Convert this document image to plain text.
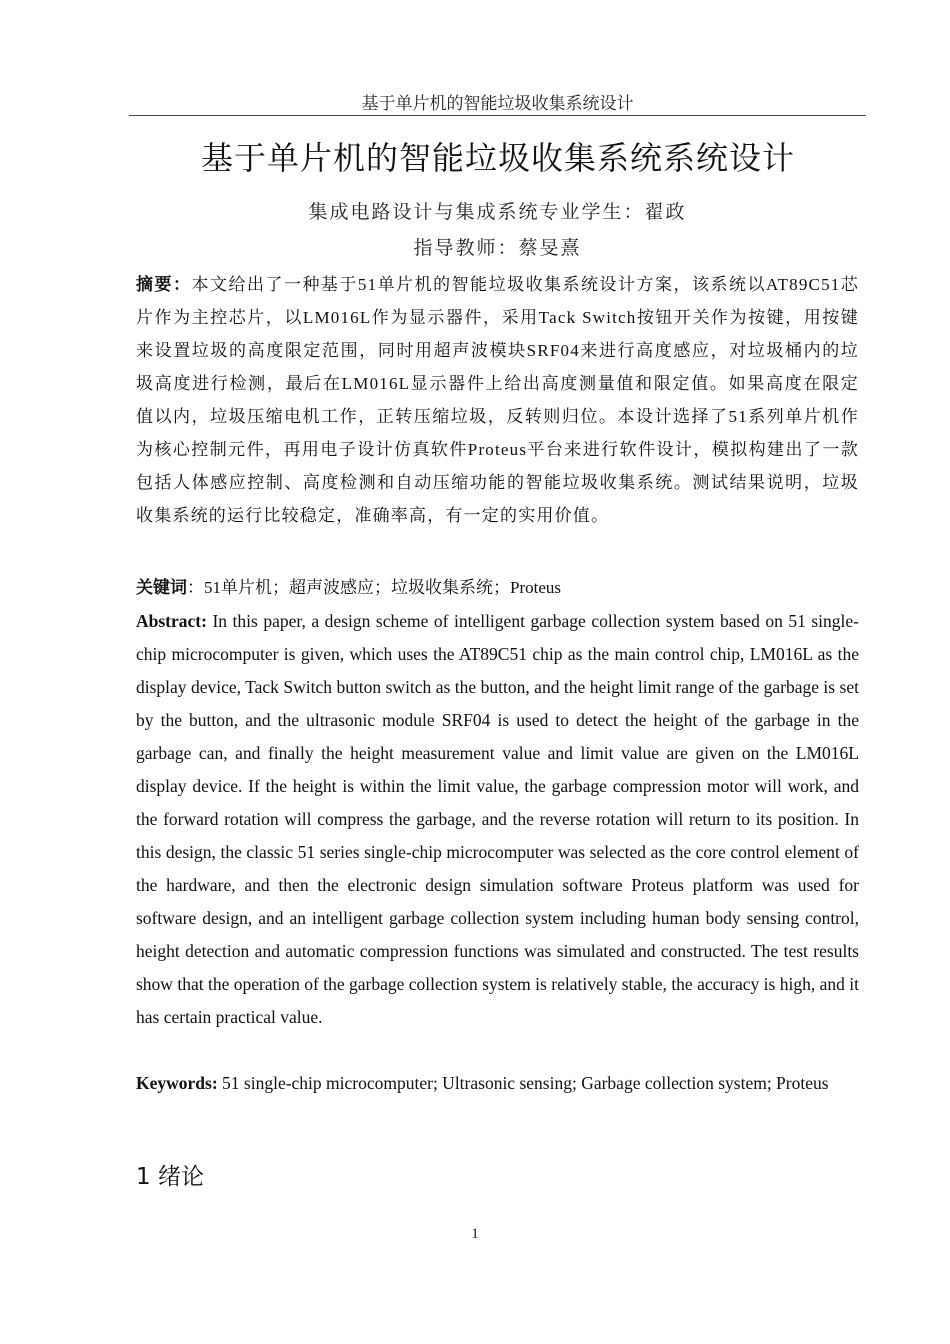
基于单片机的智能垃圾收集系统设计
基于单片机的智能垃圾收集系统系统设计
集成电路设计与集成系统专业学生：翟政
指导教师：蔡旻熹
摘要：本文给出了一种基于51单片机的智能垃圾收集系统设计方案，该系统以AT89C51芯片作为主控芯片，以LM016L作为显示器件，采用Tack Switch按钮开关作为按键，用按键来设置垃圾的高度限定范围，同时用超声波模块SRF04来进行高度感应，对垃圾桶内的垃圾高度进行检测，最后在LM016L显示器件上给出高度测量值和限定值。如果高度在限定值以内，垃圾压缩电机工作，正转压缩垃圾，反转则归位。本设计选择了51系列单片机作为核心控制元件，再用电子设计仿真软件Proteus平台来进行软件设计，模拟构建出了一款包括人体感应控制、高度检测和自动压缩功能的智能垃圾收集系统。测试结果说明，垃圾收集系统的运行比较稳定，准确率高，有一定的实用价值。
关键词：51单片机；超声波感应；垃圾收集系统；Proteus
Abstract: In this paper, a design scheme of intelligent garbage collection system based on 51 single-chip microcomputer is given, which uses the AT89C51 chip as the main control chip, LM016L as the display device, Tack Switch button switch as the button, and the height limit range of the garbage is set by the button, and the ultrasonic module SRF04 is used to detect the height of the garbage in the garbage can, and finally the height measurement value and limit value are given on the LM016L display device. If the height is within the limit value, the garbage compression motor will work, and the forward rotation will compress the garbage, and the reverse rotation will return to its position. In this design, the classic 51 series single-chip microcomputer was selected as the core control element of the hardware, and then the electronic design simulation software Proteus platform was used for software design, and an intelligent garbage collection system including human body sensing control, height detection and automatic compression functions was simulated and constructed. The test results show that the operation of the garbage collection system is relatively stable, the accuracy is high, and it has certain practical value.
Keywords: 51 single-chip microcomputer; Ultrasonic sensing; Garbage collection system; Proteus
1 绪论
1
